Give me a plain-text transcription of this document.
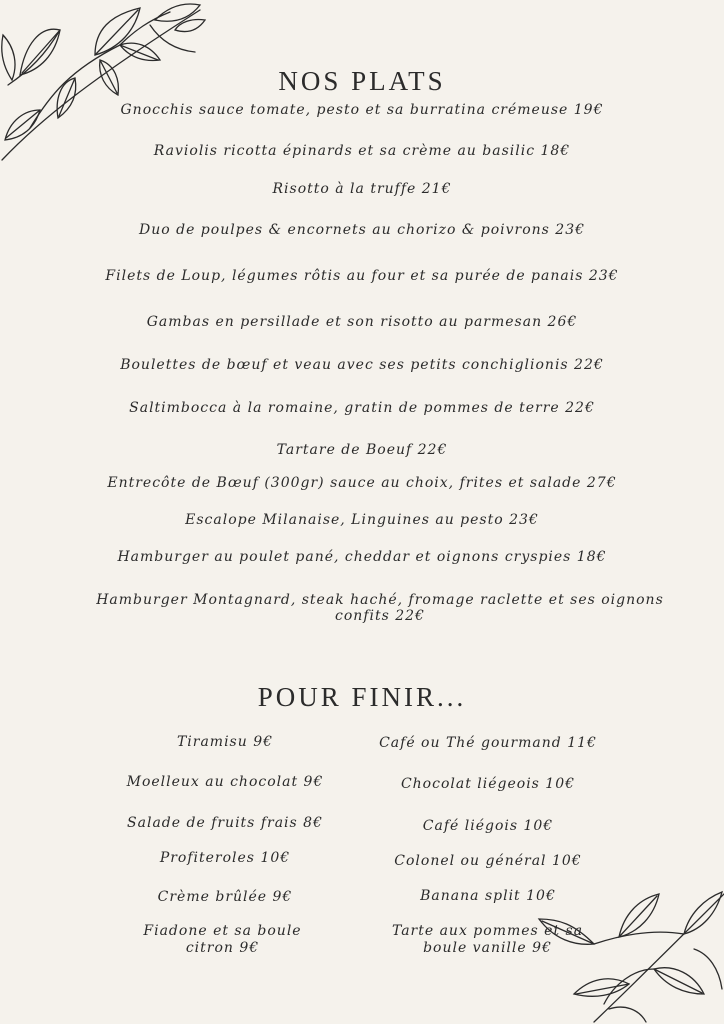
NOS PLATS
Gnocchis sauce tomate, pesto et sa burratina crémeuse 19€
Raviolis ricotta épinards et sa crème au basilic 18€
Risotto à la truffe 21€
Duo de poulpes & encornets au chorizo & poivrons 23€
Filets de Loup, légumes rôtis au four et sa purée de panais 23€
Gambas en persillade et son risotto au parmesan 26€
Boulettes de bœuf et veau avec ses petits conchiglionis 22€
Saltimbocca à la romaine, gratin de pommes de terre 22€
Tartare de Boeuf 22€
Entrecôte de Bœuf (300gr) sauce au choix, frites et salade 27€
Escalope Milanaise, Linguines au pesto 23€
Hamburger au poulet pané, cheddar et oignons cryspies 18€
Hamburger Montagnard, steak haché, fromage raclette et ses oignons confits 22€
POUR FINIR...
Tiramisu 9€
Moelleux au chocolat 9€
Salade de fruits frais 8€
Profiteroles 10€
Crème brûlée 9€
Fiadone et sa boule citron 9€
Café ou Thé gourmand 11€
Chocolat liégeois 10€
Café liégois 10€
Colonel ou général 10€
Banana split 10€
Tarte aux pommes et sa boule vanille 9€
